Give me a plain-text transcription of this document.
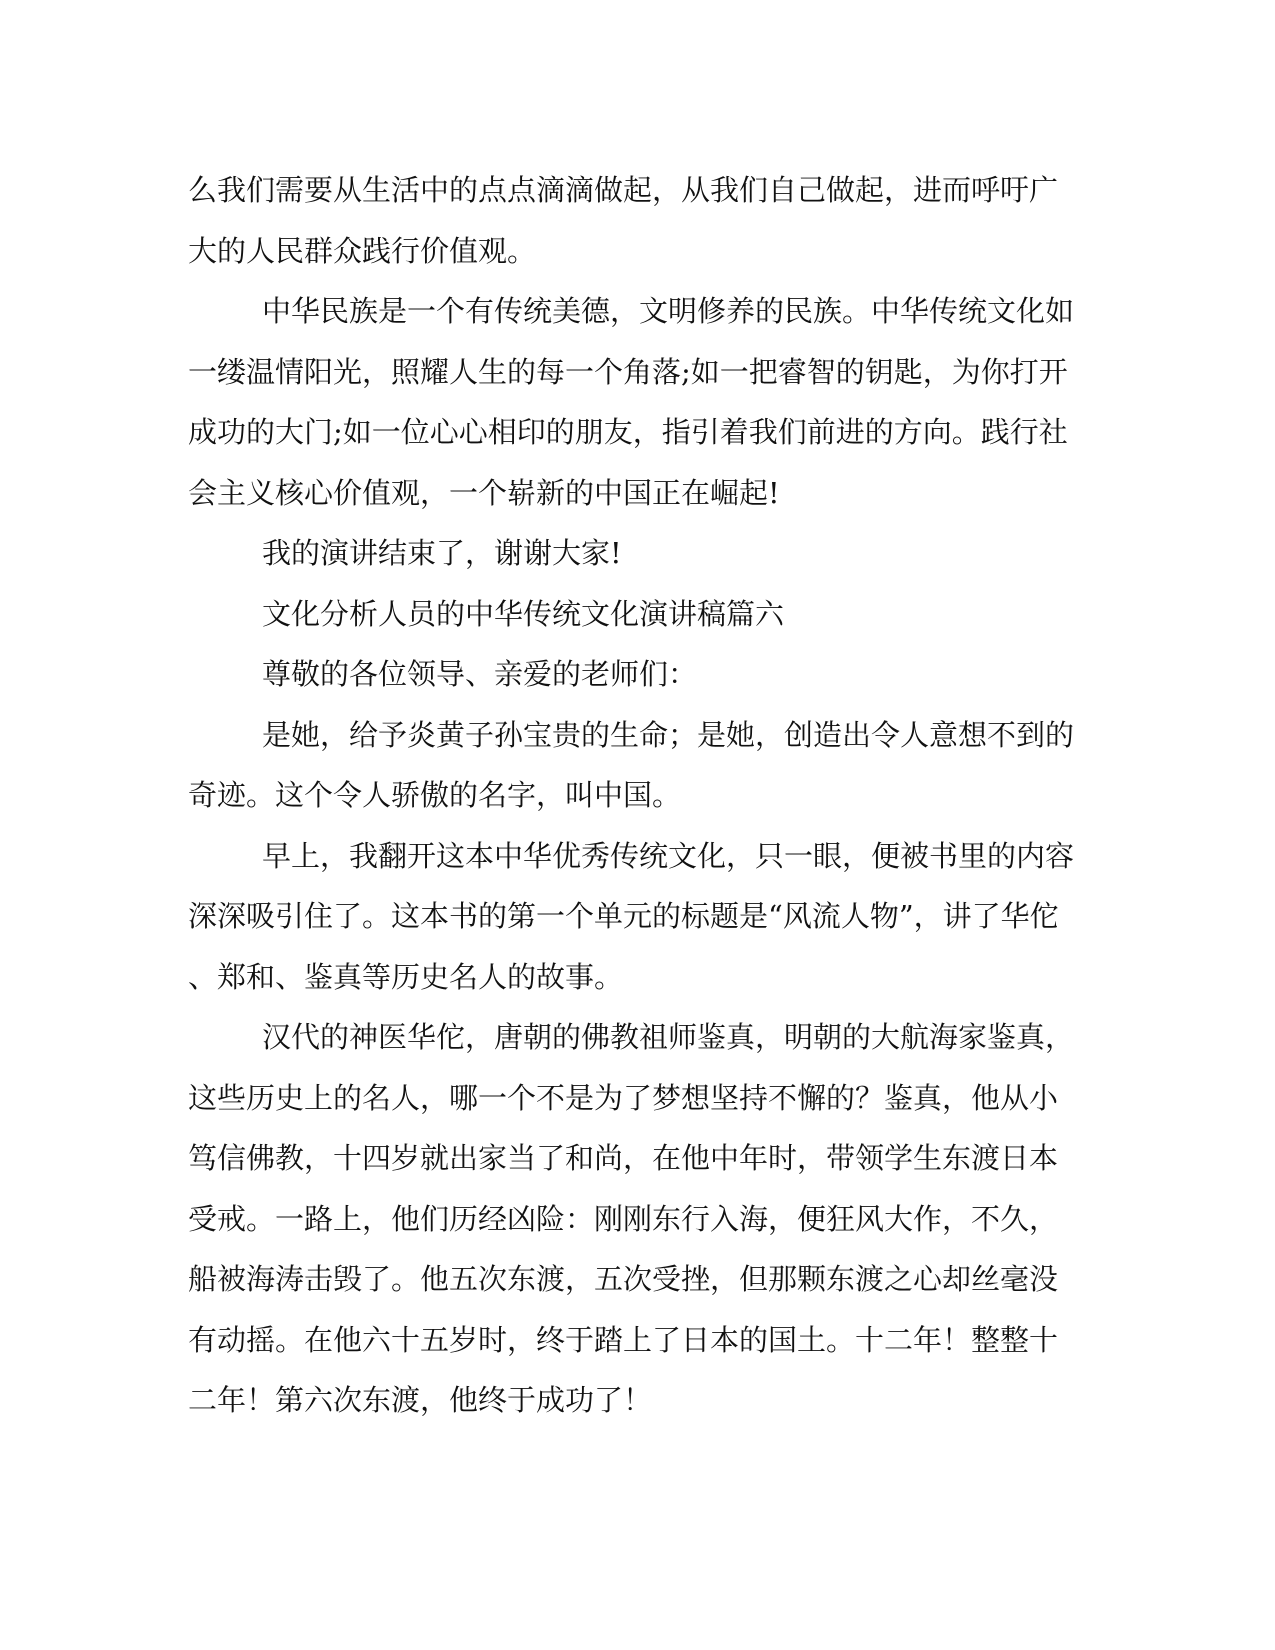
么我们需要从生活中的点点滴滴做起，从我们自己做起，进而呼吁广
大的人民群众践行价值观。
中华民族是一个有传统美德，文明修养的民族。中华传统文化如
一缕温情阳光，照耀人生的每一个角落;如一把睿智的钥匙，为你打开
成功的大门;如一位心心相印的朋友，指引着我们前进的方向。践行社
会主义核心价值观，一个崭新的中国正在崛起!
我的演讲结束了，谢谢大家!
文化分析人员的中华传统文化演讲稿篇六
尊敬的各位领导、亲爱的老师们：
是她，给予炎黄子孙宝贵的生命；是她，创造出令人意想不到的
奇迹。这个令人骄傲的名字，叫中国。
早上，我翻开这本中华优秀传统文化，只一眼，便被书里的内容
深深吸引住了。这本书的第一个单元的标题是“风流人物”，讲了华佗
、郑和、鉴真等历史名人的故事。
汉代的神医华佗，唐朝的佛教祖师鉴真，明朝的大航海家鉴真，
这些历史上的名人，哪一个不是为了梦想坚持不懈的？鉴真，他从小
笃信佛教，十四岁就出家当了和尚，在他中年时，带领学生东渡日本
受戒。一路上，他们历经凶险：刚刚东行入海，便狂风大作，不久，
船被海涛击毁了。他五次东渡，五次受挫，但那颗东渡之心却丝毫没
有动摇。在他六十五岁时，终于踏上了日本的国土。十二年！整整十
二年！第六次东渡，他终于成功了！
